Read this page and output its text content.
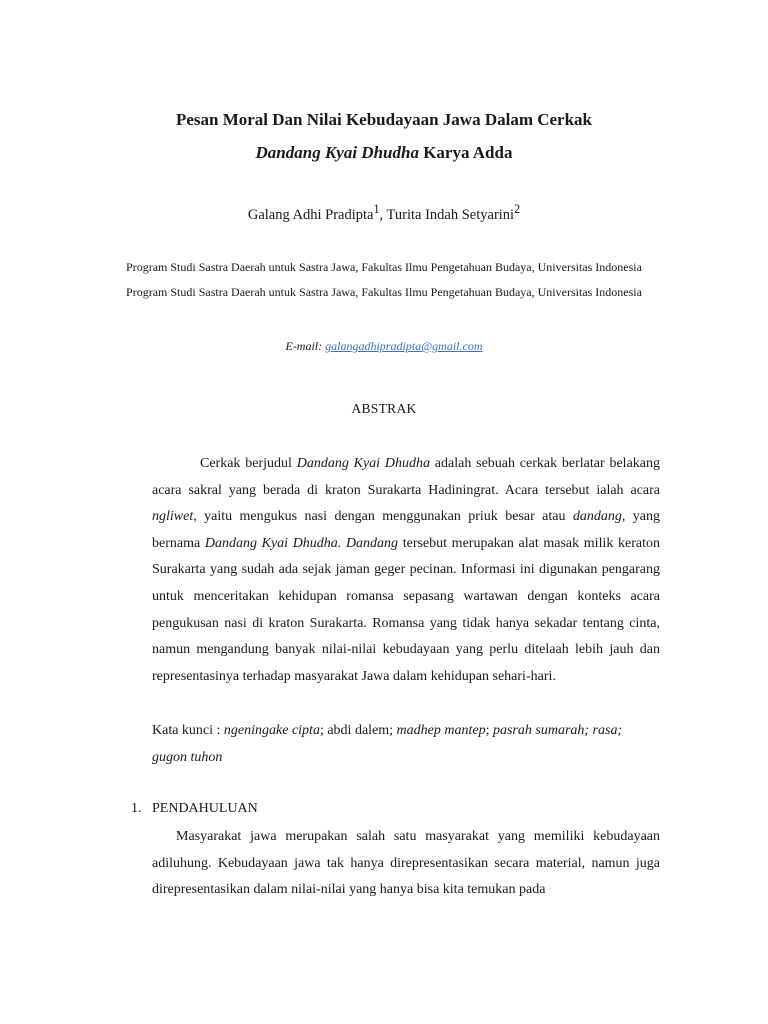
Pesan Moral Dan Nilai Kebudayaan Jawa Dalam Cerkak
Dandang Kyai Dhudha Karya Adda
Galang Adhi Pradipta$^1$, Turita Indah Setyarini$^2$
Program Studi Sastra Daerah untuk Sastra Jawa, Fakultas Ilmu Pengetahuan Budaya, Universitas Indonesia
Program Studi Sastra Daerah untuk Sastra Jawa, Fakultas Ilmu Pengetahuan Budaya, Universitas Indonesia
E-mail: galangadhipradipta@gmail.com
ABSTRAK
Cerkak berjudul Dandang Kyai Dhudha adalah sebuah cerkak berlatar belakang acara sakral yang berada di kraton Surakarta Hadiningrat. Acara tersebut ialah acara ngliwet, yaitu mengukus nasi dengan menggunakan priuk besar atau dandang, yang bernama Dandang Kyai Dhudha. Dandang tersebut merupakan alat masak milik keraton Surakarta yang sudah ada sejak jaman geger pecinan. Informasi ini digunakan pengarang untuk menceritakan kehidupan romansa sepasang wartawan dengan konteks acara pengukusan nasi di kraton Surakarta. Romansa yang tidak hanya sekadar tentang cinta, namun mengandung banyak nilai-nilai kebudayaan yang perlu ditelaah lebih jauh dan representasinya terhadap masyarakat Jawa dalam kehidupan sehari-hari.
Kata kunci : ngeningake cipta; abdi dalem; madhep mantep; pasrah sumarah; rasa; gugon tuhon
1. PENDAHULUAN
Masyarakat jawa merupakan salah satu masyarakat yang memiliki kebudayaan adiluhung. Kebudayaan jawa tak hanya direpresentasikan secara material, namun juga direpresentasikan dalam nilai-nilai yang hanya bisa kita temukan pada
